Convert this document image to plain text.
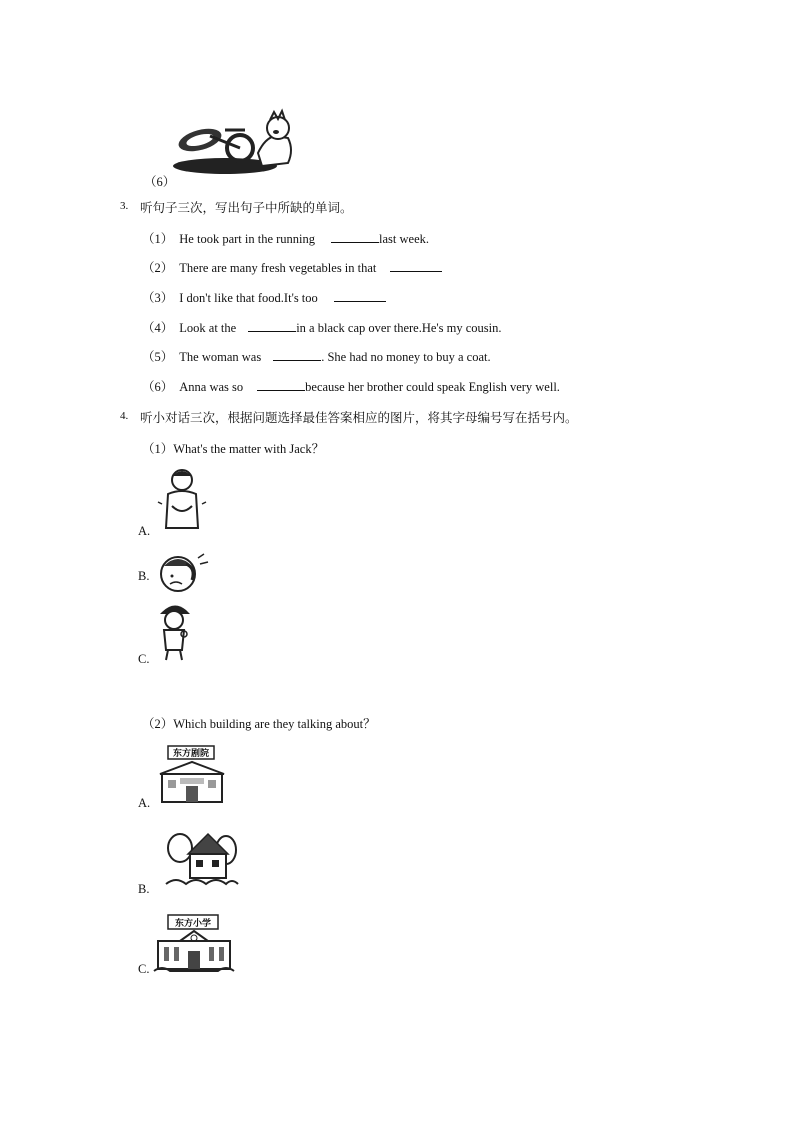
（6）
3. 听句子三次，写出句子中所缺的单词。
（1） He took part in the running	last week.
（2） There are many fresh vegetables in that
（3） I don't like that food.It's too
（4） Look at the	in a black cap over there.He's my cousin.
（5） The woman was	. She had no money to buy a coat.
（6） Anna was so	because her brother could speak English very well.
4. 听小对话三次，根据问题选择最佳答案相应的图片，将其字母编号写在括号内。
（1）What's the matter with Jack？
A.
B.
C.
（2）Which building are they talking about？
东方剧院
A.
B.
东方小学
C.
